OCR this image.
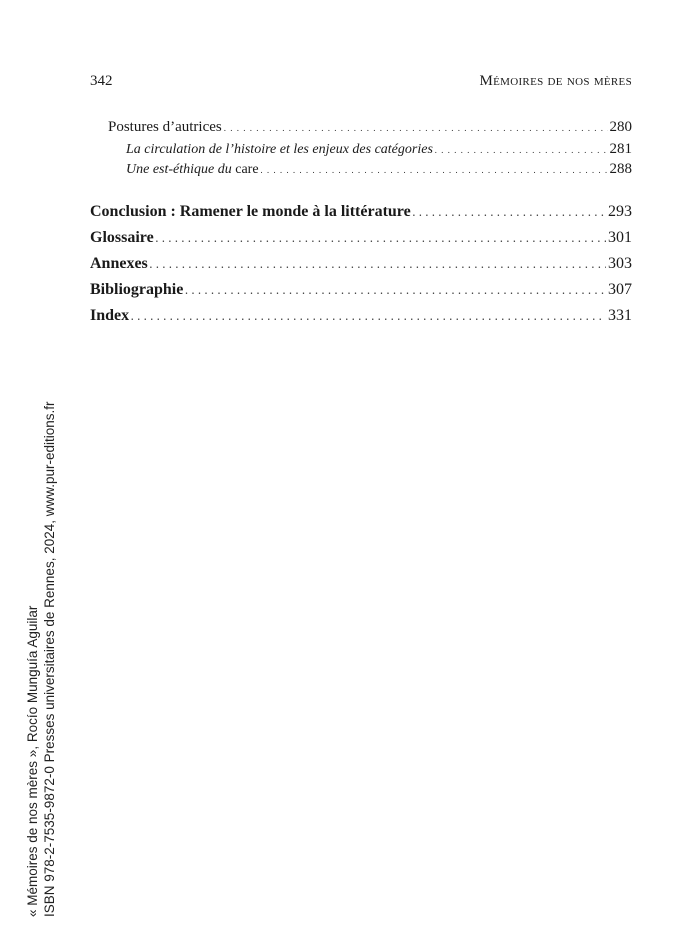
342	Mémoires de nos mères
Postures d’autrices . . .	280
La circulation de l’histoire et les enjeux des catégories . . .	281
Une est-éthique du care . . .	288
Conclusion : Ramener le monde à la littérature . . .	293
Glossaire . . .	301
Annexes . . .	303
Bibliographie . . .	307
Index . . .	331
« Mémoires de nos mères », Rocío Munguía Aguilar ISBN 978-2-7535-9872-0 Presses universitaires de Rennes, 2024, www.pur-editions.fr
